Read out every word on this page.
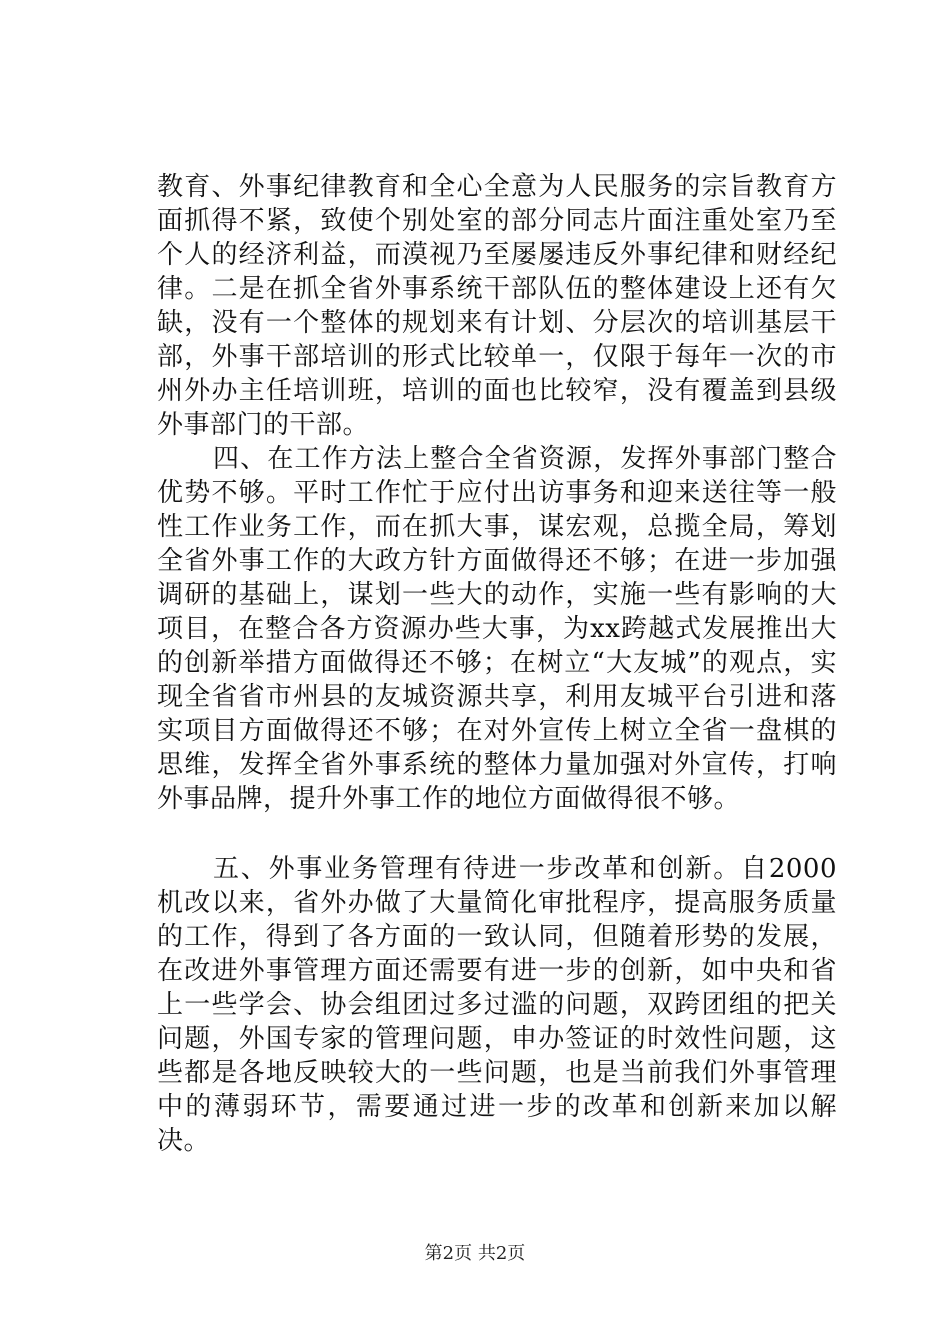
教育、外事纪律教育和全心全意为人民服务的宗旨教育方面抓得不紧，致使个别处室的部分同志片面注重处室乃至个人的经济利益，而漠视乃至屡屡违反外事纪律和财经纪律。二是在抓全省外事系统干部队伍的整体建设上还有欠缺，没有一个整体的规划来有计划、分层次的培训基层干部，外事干部培训的形式比较单一，仅限于每年一次的市州外办主任培训班，培训的面也比较窄，没有覆盖到县级外事部门的干部。

四、在工作方法上整合全省资源，发挥外事部门整合优势不够。平时工作忙于应付出访事务和迎来送往等一般性工作业务工作，而在抓大事，谋宏观，总揽全局，筹划全省外事工作的大政方针方面做得还不够；在进一步加强调研的基础上，谋划一些大的动作，实施一些有影响的大项目，在整合各方资源办些大事，为xx跨越式发展推出大的创新举措方面做得还不够；在树立“大友城”的观点，实现全省省市州县的友城资源共享，利用友城平台引进和落实项目方面做得还不够；在对外宣传上树立全省一盘棋的思维，发挥全省外事系统的整体力量加强对外宣传，打响外事品牌，提升外事工作的地位方面做得很不够。

五、外事业务管理有待进一步改革和创新。自2000机改以来，省外办做了大量简化审批程序，提高服务质量的工作，得到了各方面的一致认同，但随着形势的发展，在改进外事管理方面还需要有进一步的创新，如中央和省上一些学会、协会组团过多过滥的问题，双跨团组的把关问题，外国专家的管理问题，申办签证的时效性问题，这些都是各地反映较大的一些问题，也是当前我们外事管理中的薄弱环节，需要通过进一步的改革和创新来加以解决。

第2页 共2页
